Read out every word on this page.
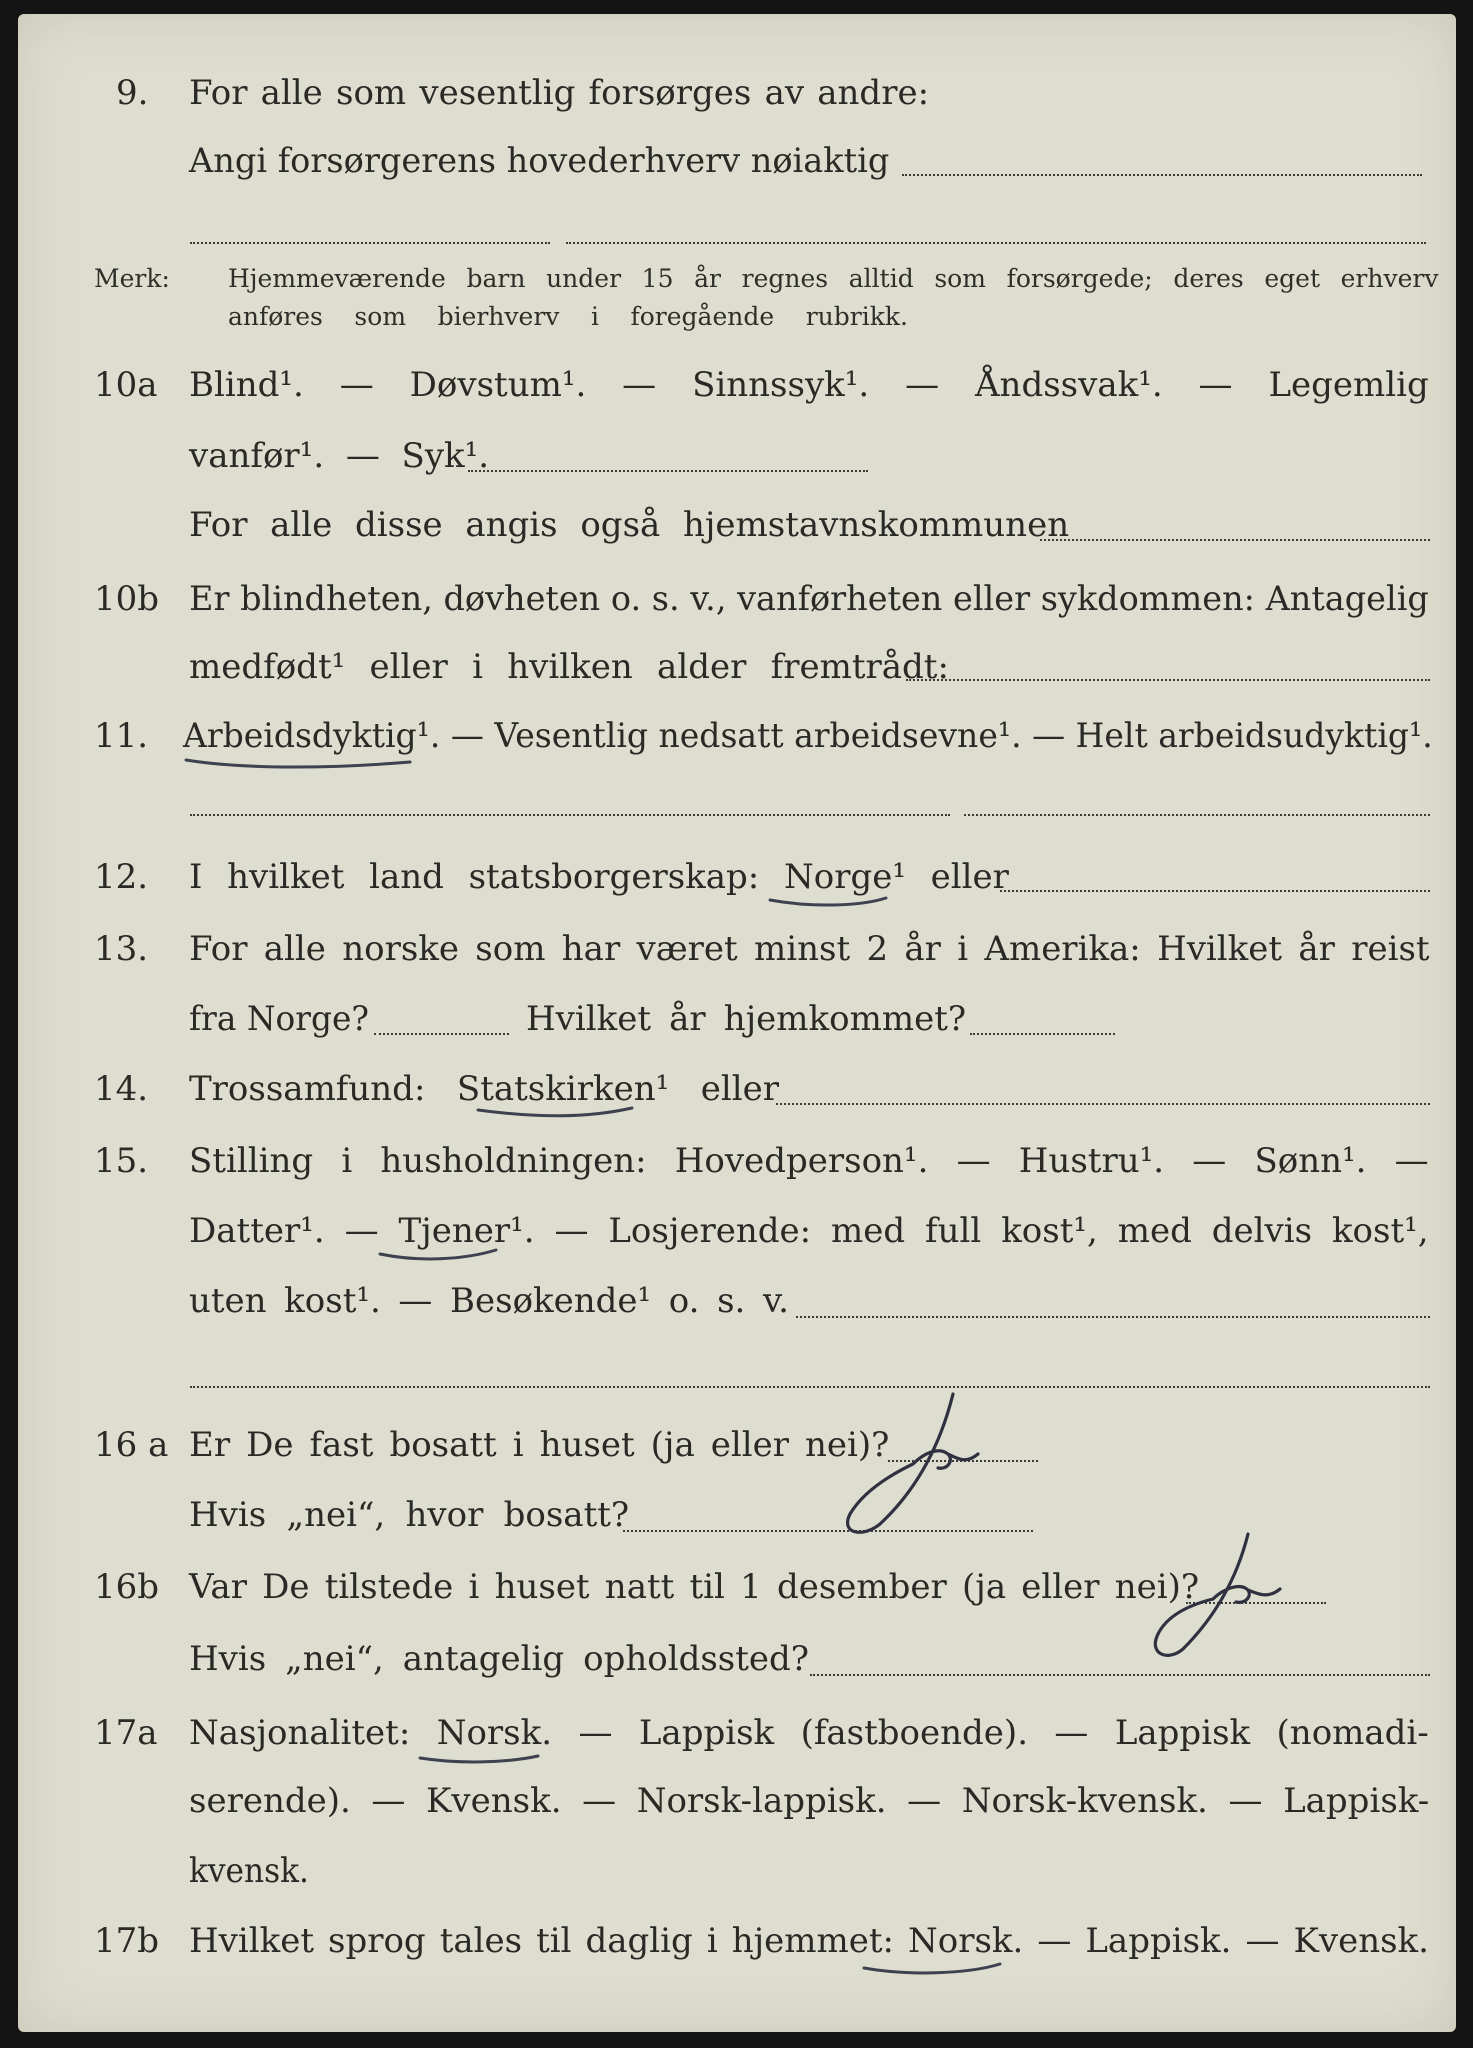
9. For alle som vesentlig forsørges av andre:
Angi forsørgerens hovederhverv nøiaktig
Merk: Hjemmeværende barn under 15 år regnes alltid som forsørgede; deres eget erhverv
anføres som bierhverv i foregående rubrikk.
10a Blind¹. — Døvstum¹. — Sinnssyk¹. — Åndssvak¹. — Legemlig
vanfør¹. — Syk¹.
For alle disse angis også hjemstavnskommunen
10b Er blindheten, døvheten o. s. v., vanførheten eller sykdommen: Antagelig
medfødt¹ eller i hvilken alder fremtrådt:
11. Arbeidsdyktig¹. — Vesentlig nedsatt arbeidsevne¹. — Helt arbeidsudyktig¹.
12. I hvilket land statsborgerskap: Norge¹ eller
13. For alle norske som har været minst 2 år i Amerika: Hvilket år reist
fra Norge?	Hvilket år hjemkommet?
14. Trossamfund: Statskirken¹ eller
15. Stilling i husholdningen: Hovedperson¹. — Hustru¹. — Sønn¹. —
Datter¹. — Tjener¹. — Losjerende: med full kost¹, med delvis kost¹,
uten kost¹. — Besøkende¹ o. s. v.
16 a Er De fast bosatt i huset (ja eller nei)?
Hvis „nei“, hvor bosatt?
16b Var De tilstede i huset natt til 1 desember (ja eller nei)?
Hvis „nei“, antagelig opholdssted?
17a Nasjonalitet: Norsk. — Lappisk (fastboende). — Lappisk (nomadi-
serende). — Kvensk. — Norsk-lappisk. — Norsk-kvensk. — Lappisk-
kvensk.
17b Hvilket sprog tales til daglig i hjemmet: Norsk. — Lappisk. — Kvensk.
